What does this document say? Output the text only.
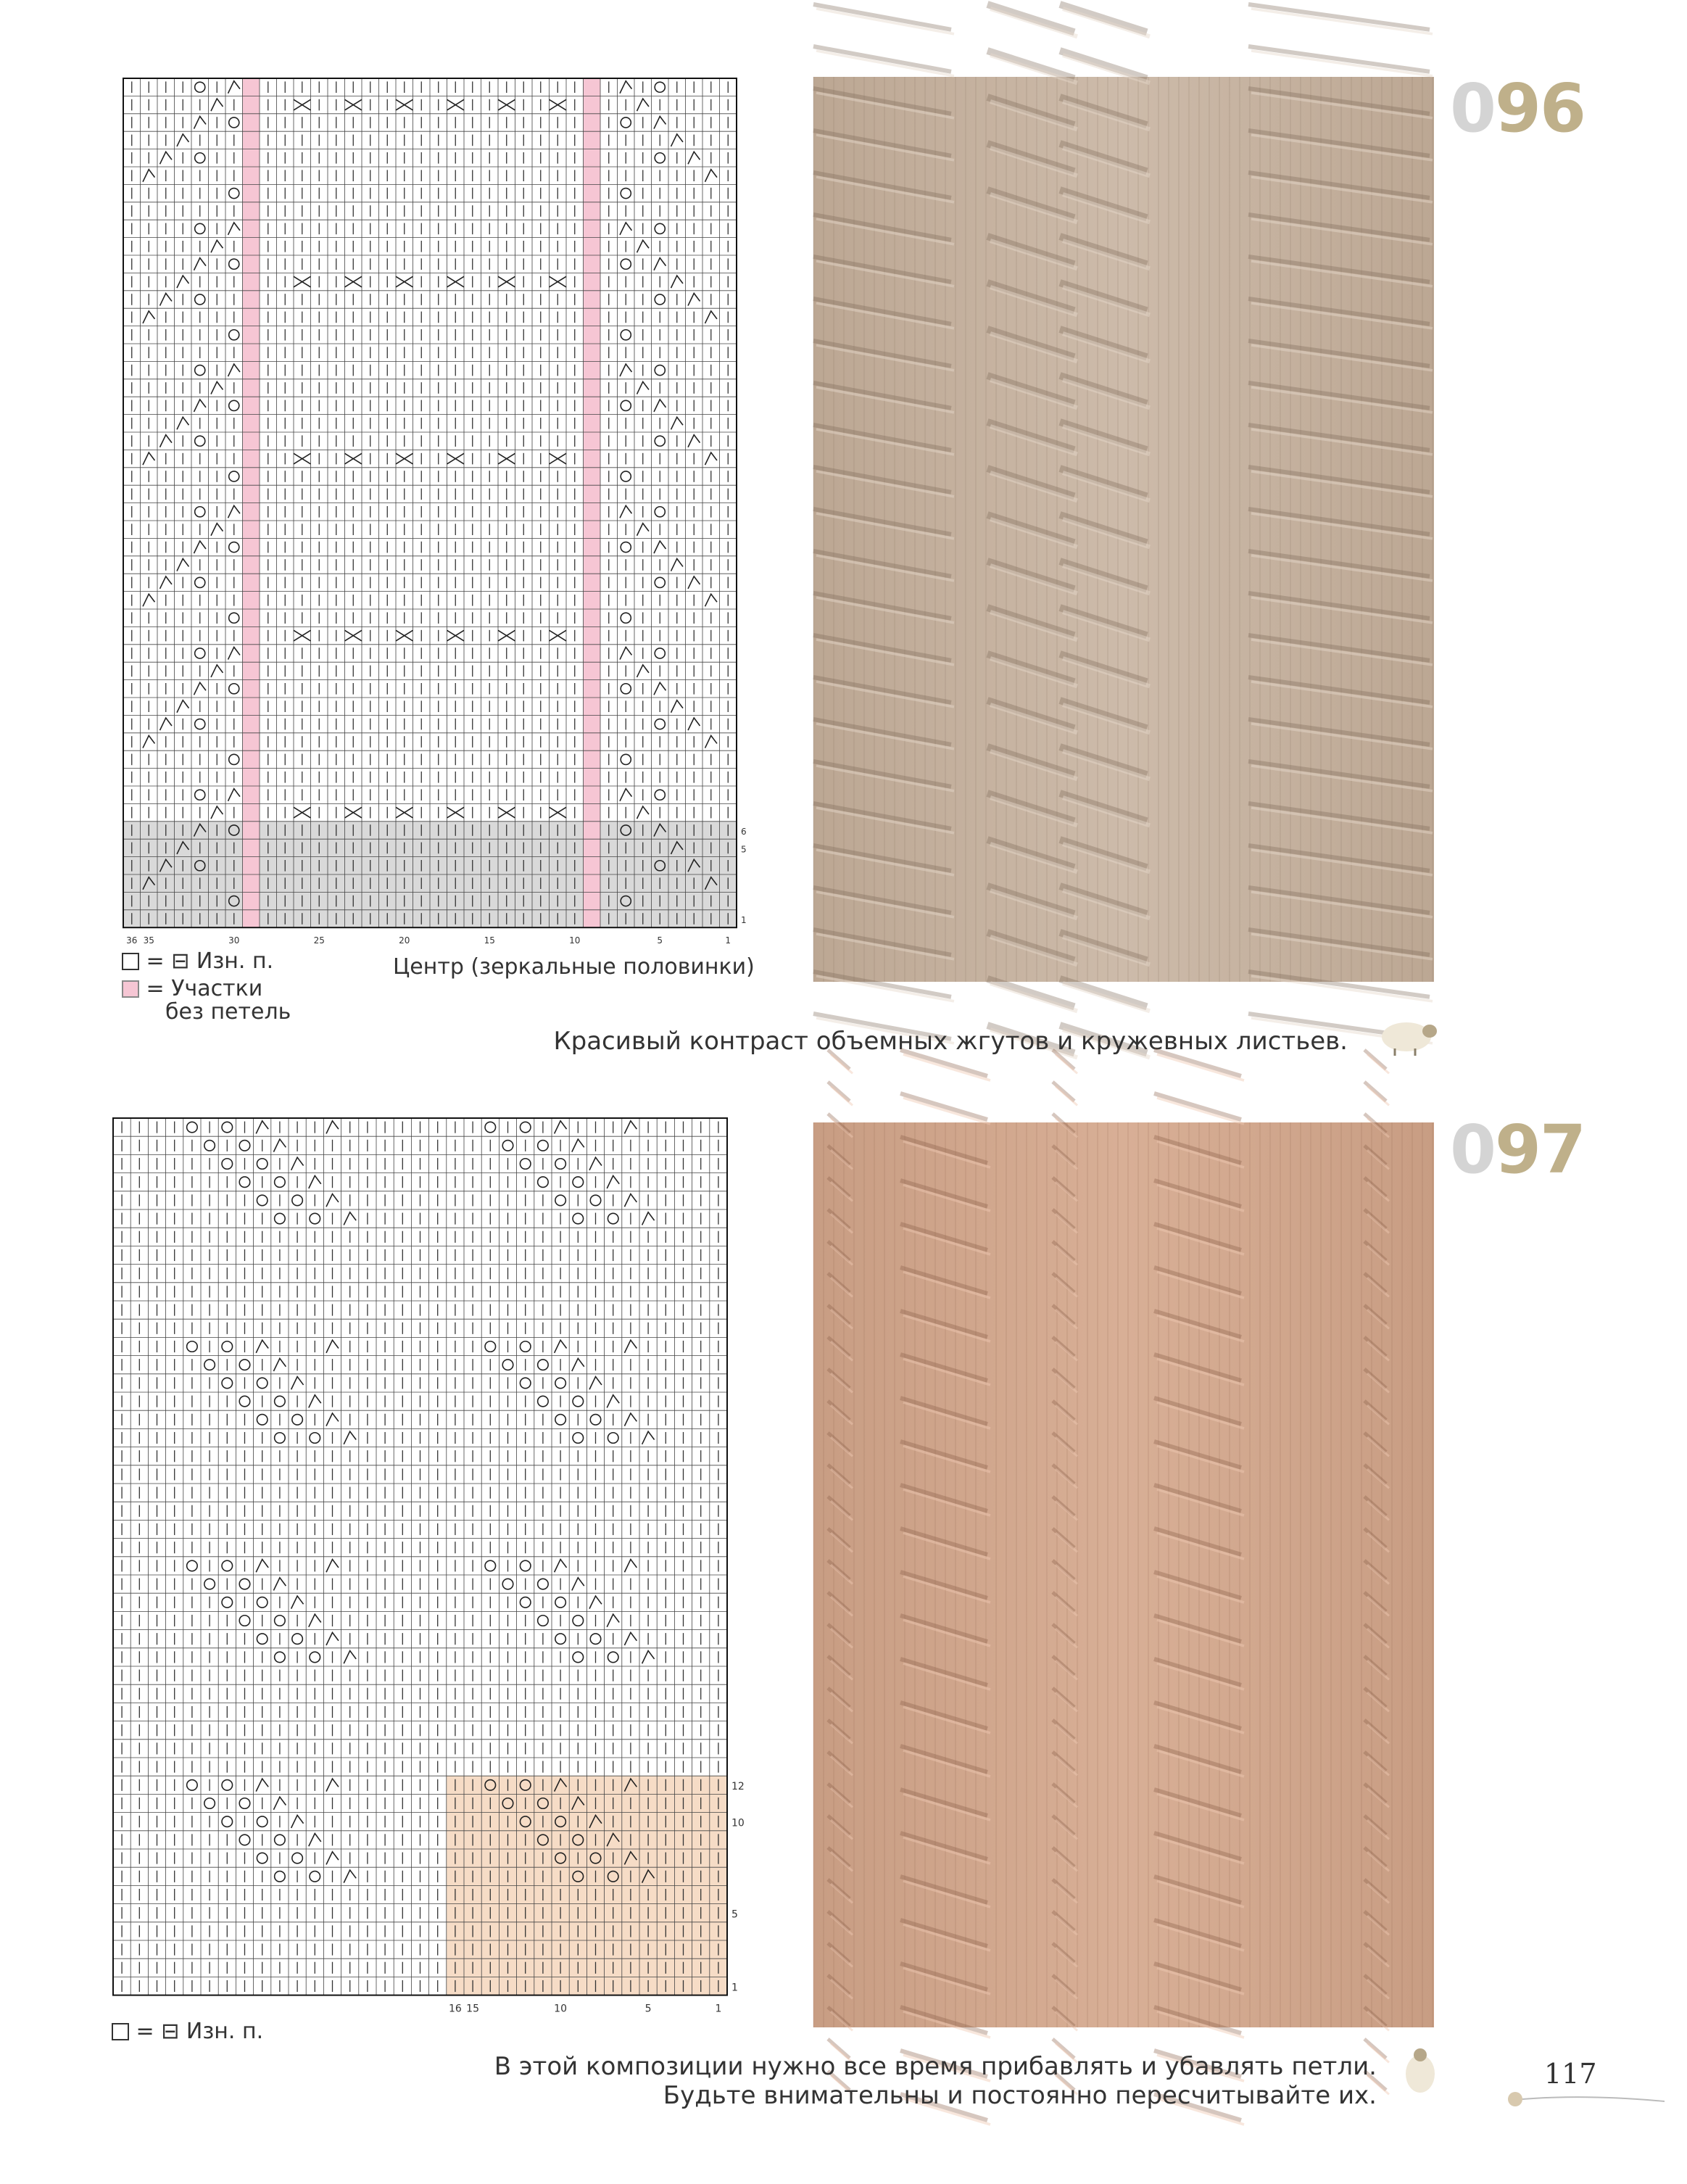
36 35	30	25	20	15	10	5	1
6
5
1
096
= ⊟ Изн. п.
= Участки
без петель
Центр (зеркальные половинки)
Красивый контраст объемных жгутов и кружевных листьев.
16 15	10	5	1
12
10
5
1
097
= ⊟ Изн. п.
В этой композиции нужно все время прибавлять и убавлять петли.
Будьте внимательны и постоянно пересчитывайте их.
117
